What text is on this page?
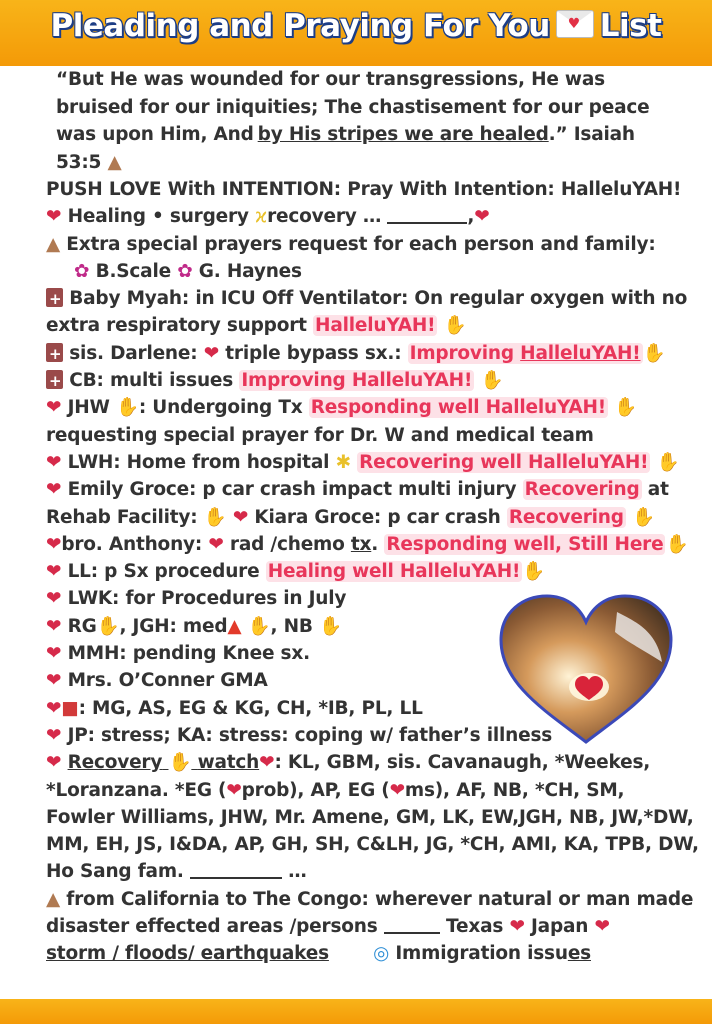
Pleading and Praying For You ♥ List
“But He was wounded for our transgressions, He was bruised for our iniquities; The chastisement for our peace was upon Him, And by His stripes we are healed.” Isaiah 53:5 ▲
PUSH LOVE With INTENTION: Pray With Intention: HalleluYAH!
❤ Healing • surgery ϰrecovery …	,❤
▲ Extra special prayers request for each person and family:
✿ B.Scale ✿ G. Haynes
+ Baby Myah: in ICU Off Ventilator: On regular oxygen with no
extra respiratory support HalleluYAH! ✋
+ sis. Darlene: ❤ triple bypass sx.: Improving HalleluYAH! ✋
+ CB: multi issues Improving HalleluYAH! ✋
❤ JHW ✋: Undergoing Tx Responding well HalleluYAH! ✋
requesting special prayer for Dr. W and medical team
❤ LWH: Home from hospital ✱ Recovering well HalleluYAH! ✋
❤ Emily Groce: p car crash impact multi injury Recovering at
Rehab Facility: ✋ ❤ Kiara Groce: p car crash Recovering ✋
❤bro. Anthony: ❤ rad /chemo tx. Responding well, Still Here ✋
❤ LL: p Sx procedure Healing well HalleluYAH! ✋
❤ LWK: for Procedures in July
❤ RG✋, JGH: med▲ ✋, NB ✋
❤ MMH: pending Knee sx.
❤ Mrs. O’Conner GMA
❤■: MG, AS, EG & KG, CH, *IB, PL, LL
❤ JP: stress; KA: stress: coping w/ father’s illness
❤ Recovery ✋ watch❤: KL, GBM, sis. Cavanaugh, *Weekes,
*Loranzana. *EG (❤prob), AP, EG (❤ms), AF, NB, *CH, SM,
Fowler Williams, JHW, Mr. Amene, GM, LK, EW,JGH, NB, JW,*DW,
MM, EH, JS, I&DA, AP, GH, SH, C&LH, JG, *CH, AMI, KA, TPB, DW,
Ho Sang fam.	…
▲ from California to The Congo: wherever natural or man made
disaster effected areas /persons	Texas ❤ Japan ❤
storm / floods/ earthquakes ◎ Immigration issues
